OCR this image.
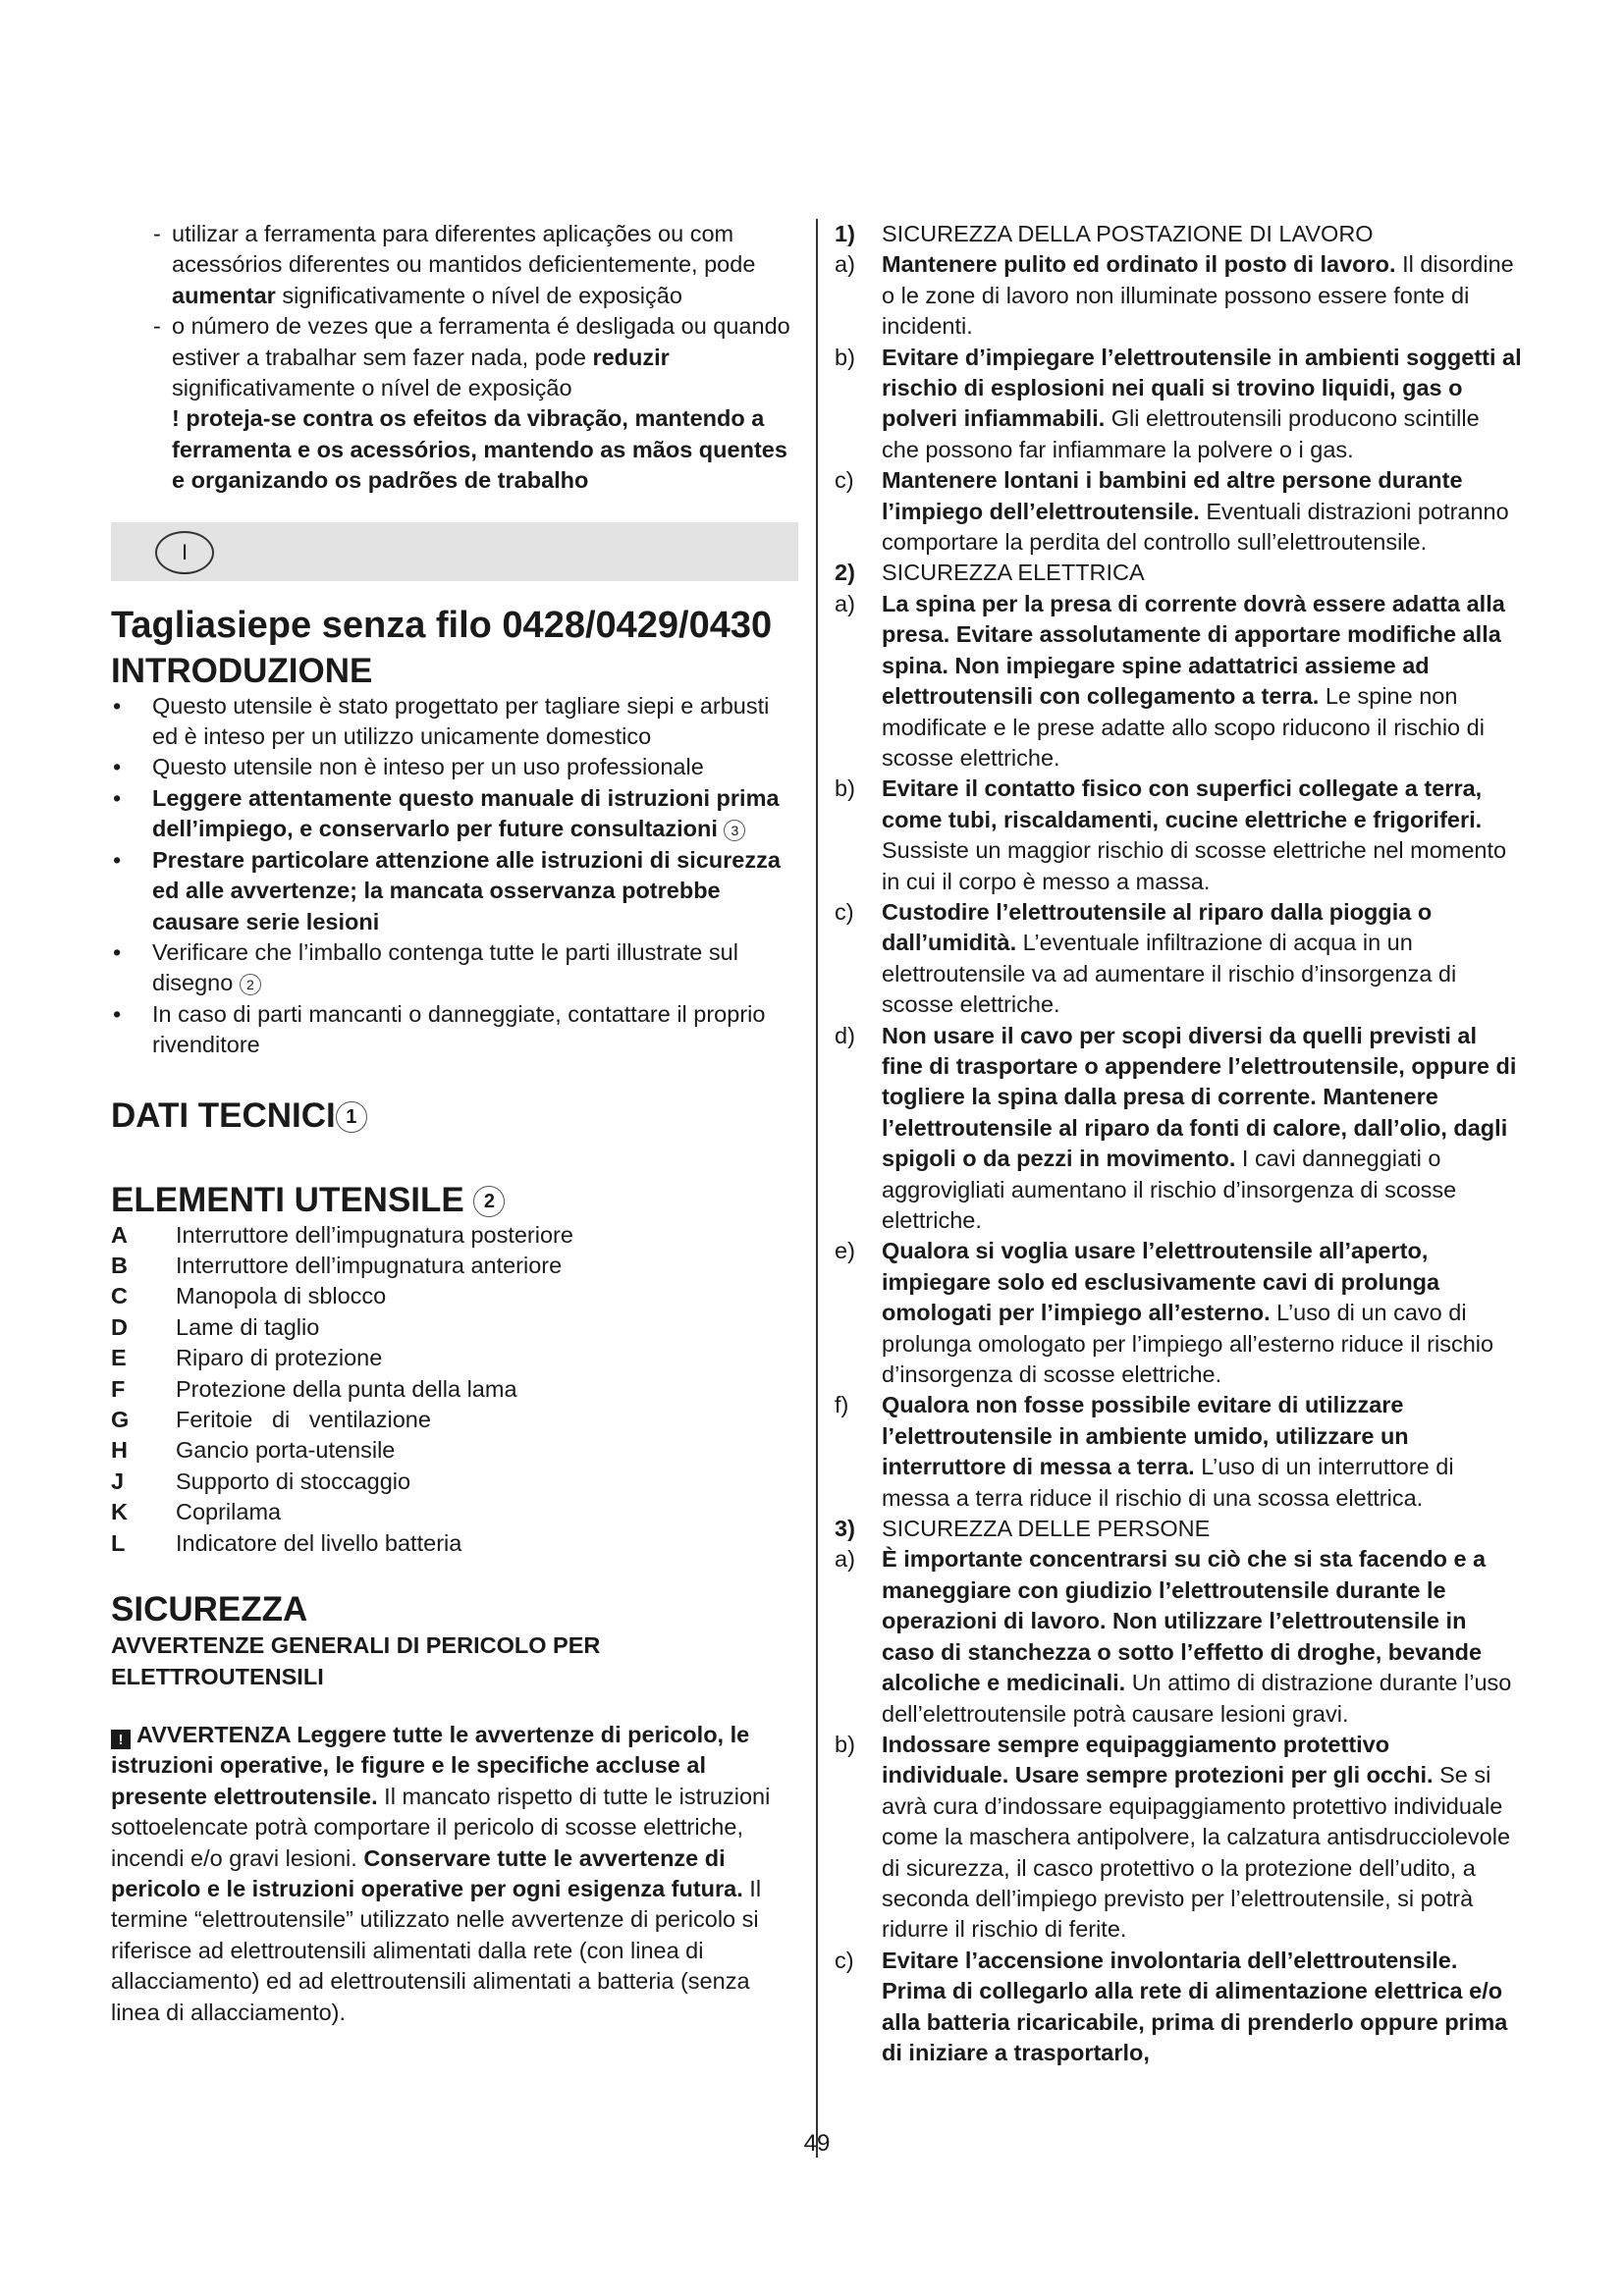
- utilizar a ferramenta para diferentes aplicações ou com acessórios diferentes ou mantidos deficientemente, pode aumentar significativamente o nível de exposição
- o número de vezes que a ferramenta é desligada ou quando estiver a trabalhar sem fazer nada, pode reduzir significativamente o nível de exposição
! proteja-se contra os efeitos da vibração, mantendo a ferramenta e os acessórios, mantendo as mãos quentes e organizando os padrões de trabalho
I
Tagliasiepe senza filo 0428/0429/0430
INTRODUZIONE
• Questo utensile è stato progettato per tagliare siepi e arbusti ed è inteso per un utilizzo unicamente domestico
• Questo utensile non è inteso per un uso professionale
• Leggere attentamente questo manuale di istruzioni prima dell’impiego, e conservarlo per future consultazioni 3
• Prestare particolare attenzione alle istruzioni di sicurezza ed alle avvertenze; la mancata osservanza potrebbe causare serie lesioni
• Verificare che l’imballo contenga tutte le parti illustrate sul disegno 2
• In caso di parti mancanti o danneggiate, contattare il proprio rivenditore
DATI TECNICI 1
ELEMENTI UTENSILE 2
A	Interruttore dell’impugnatura posteriore
B	Interruttore dell’impugnatura anteriore
C	Manopola di sblocco
D	Lame di taglio
E	Riparo di protezione
F	Protezione della punta della lama
G	Feritoie   di   ventilazione
H	Gancio porta-utensile
J	Supporto di stoccaggio
K	Coprilama
L	Indicatore del livello batteria
SICUREZZA
AVVERTENZE GENERALI DI PERICOLO PER ELETTROUTENSILI

! AVVERTENZA Leggere tutte le avvertenze di pericolo, le istruzioni operative, le figure e le specifiche accluse al presente elettroutensile. Il mancato rispetto di tutte le istruzioni sottoelencate potrà comportare il pericolo di scosse elettriche, incendi e/o gravi lesioni. Conservare tutte le avvertenze di pericolo e le istruzioni operative per ogni esigenza futura. Il termine “elettroutensile” utilizzato nelle avvertenze di pericolo si riferisce ad elettroutensili alimentati dalla rete (con linea di allacciamento) ed ad elettroutensili alimentati a batteria (senza linea di allacciamento).

1) SICUREZZA DELLA POSTAZIONE DI LAVORO
a) Mantenere pulito ed ordinato il posto di lavoro. Il disordine o le zone di lavoro non illuminate possono essere fonte di incidenti.
b) Evitare d’impiegare l’elettroutensile in ambienti soggetti al rischio di esplosioni nei quali si trovino liquidi, gas o polveri infiammabili. Gli elettroutensili producono scintille che possono far infiammare la polvere o i gas.
c) Mantenere lontani i bambini ed altre persone durante l’impiego dell’elettroutensile. Eventuali distrazioni potranno comportare la perdita del controllo sull’elettroutensile.
2) SICUREZZA ELETTRICA
a) La spina per la presa di corrente dovrà essere adatta alla presa. Evitare assolutamente di apportare modifiche alla spina. Non impiegare spine adattatrici assieme ad elettroutensili con collegamento a terra. Le spine non modificate e le prese adatte allo scopo riducono il rischio di scosse elettriche.
b) Evitare il contatto fisico con superfici collegate a terra, come tubi, riscaldamenti, cucine elettriche e frigoriferi. Sussiste un maggior rischio di scosse elettriche nel momento in cui il corpo è messo a massa.
c) Custodire l’elettroutensile al riparo dalla pioggia o dall’umidità. L’eventuale infiltrazione di acqua in un elettroutensile va ad aumentare il rischio d’insorgenza di scosse elettriche.
d) Non usare il cavo per scopi diversi da quelli previsti al fine di trasportare o appendere l’elettroutensile, oppure di togliere la spina dalla presa di corrente. Mantenere l’elettroutensile al riparo da fonti di calore, dall’olio, dagli spigoli o da pezzi in movimento. I cavi danneggiati o aggrovigliati aumentano il rischio d’insorgenza di scosse elettriche.
e) Qualora si voglia usare l’elettroutensile all’aperto, impiegare solo ed esclusivamente cavi di prolunga omologati per l’impiego all’esterno. L’uso di un cavo di prolunga omologato per l’impiego all’esterno riduce il rischio d’insorgenza di scosse elettriche.
f) Qualora non fosse possibile evitare di utilizzare l’elettroutensile in ambiente umido, utilizzare un interruttore di messa a terra. L’uso di un interruttore di messa a terra riduce il rischio di una scossa elettrica.
3) SICUREZZA DELLE PERSONE
a) È importante concentrarsi su ciò che si sta facendo e a maneggiare con giudizio l’elettroutensile durante le operazioni di lavoro. Non utilizzare l’elettroutensile in caso di stanchezza o sotto l’effetto di droghe, bevande alcoliche e medicinali. Un attimo di distrazione durante l’uso dell’elettroutensile potrà causare lesioni gravi.
b) Indossare sempre equipaggiamento protettivo individuale. Usare sempre protezioni per gli occhi. Se si avrà cura d’indossare equipaggiamento protettivo individuale come la maschera antipolvere, la calzatura antisdrucciolevole di sicurezza, il casco protettivo o la protezione dell’udito, a seconda dell’impiego previsto per l’elettroutensile, si potrà ridurre il rischio di ferite.
c) Evitare l’accensione involontaria dell’elettroutensile. Prima di collegarlo alla rete di alimentazione elettrica e/o alla batteria ricaricabile, prima di prenderlo oppure prima di iniziare a trasportarlo,
49
